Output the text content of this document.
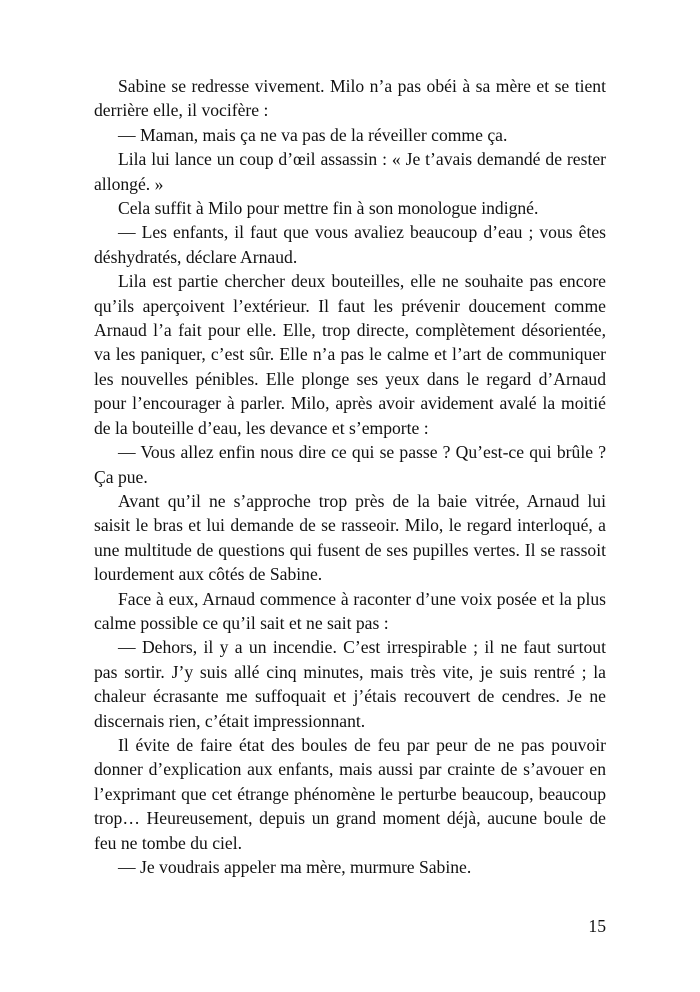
Sabine se redresse vivement. Milo n’a pas obéi à sa mère et se tient derrière elle, il vocifère :

— Maman, mais ça ne va pas de la réveiller comme ça.

Lila lui lance un coup d’œil assassin : « Je t’avais demandé de rester allongé. »

Cela suffit à Milo pour mettre fin à son monologue indigné.

— Les enfants, il faut que vous avaliez beaucoup d’eau ; vous êtes déshydratés, déclare Arnaud.

Lila est partie chercher deux bouteilles, elle ne souhaite pas encore qu’ils aperçoivent l’extérieur. Il faut les prévenir doucement comme Arnaud l’a fait pour elle. Elle, trop directe, complètement désorientée, va les paniquer, c’est sûr. Elle n’a pas le calme et l’art de communiquer les nouvelles pénibles. Elle plonge ses yeux dans le regard d’Arnaud pour l’encourager à parler. Milo, après avoir avidement avalé la moitié de la bouteille d’eau, les devance et s’emporte :

— Vous allez enfin nous dire ce qui se passe ? Qu’est-ce qui brûle ? Ça pue.

Avant qu’il ne s’approche trop près de la baie vitrée, Arnaud lui saisit le bras et lui demande de se rasseoir. Milo, le regard interloqué, a une multitude de questions qui fusent de ses pupilles vertes. Il se rassoit lourdement aux côtés de Sabine.

Face à eux, Arnaud commence à raconter d’une voix posée et la plus calme possible ce qu’il sait et ne sait pas :

— Dehors, il y a un incendie. C’est irrespirable ; il ne faut surtout pas sortir. J’y suis allé cinq minutes, mais très vite, je suis rentré ; la chaleur écrasante me suffoquait et j’étais recouvert de cendres. Je ne discernais rien, c’était impressionnant.

Il évite de faire état des boules de feu par peur de ne pas pouvoir donner d’explication aux enfants, mais aussi par crainte de s’avouer en l’exprimant que cet étrange phénomène le perturbe beaucoup, beaucoup trop… Heureusement, depuis un grand moment déjà, aucune boule de feu ne tombe du ciel.

— Je voudrais appeler ma mère, murmure Sabine.

15
